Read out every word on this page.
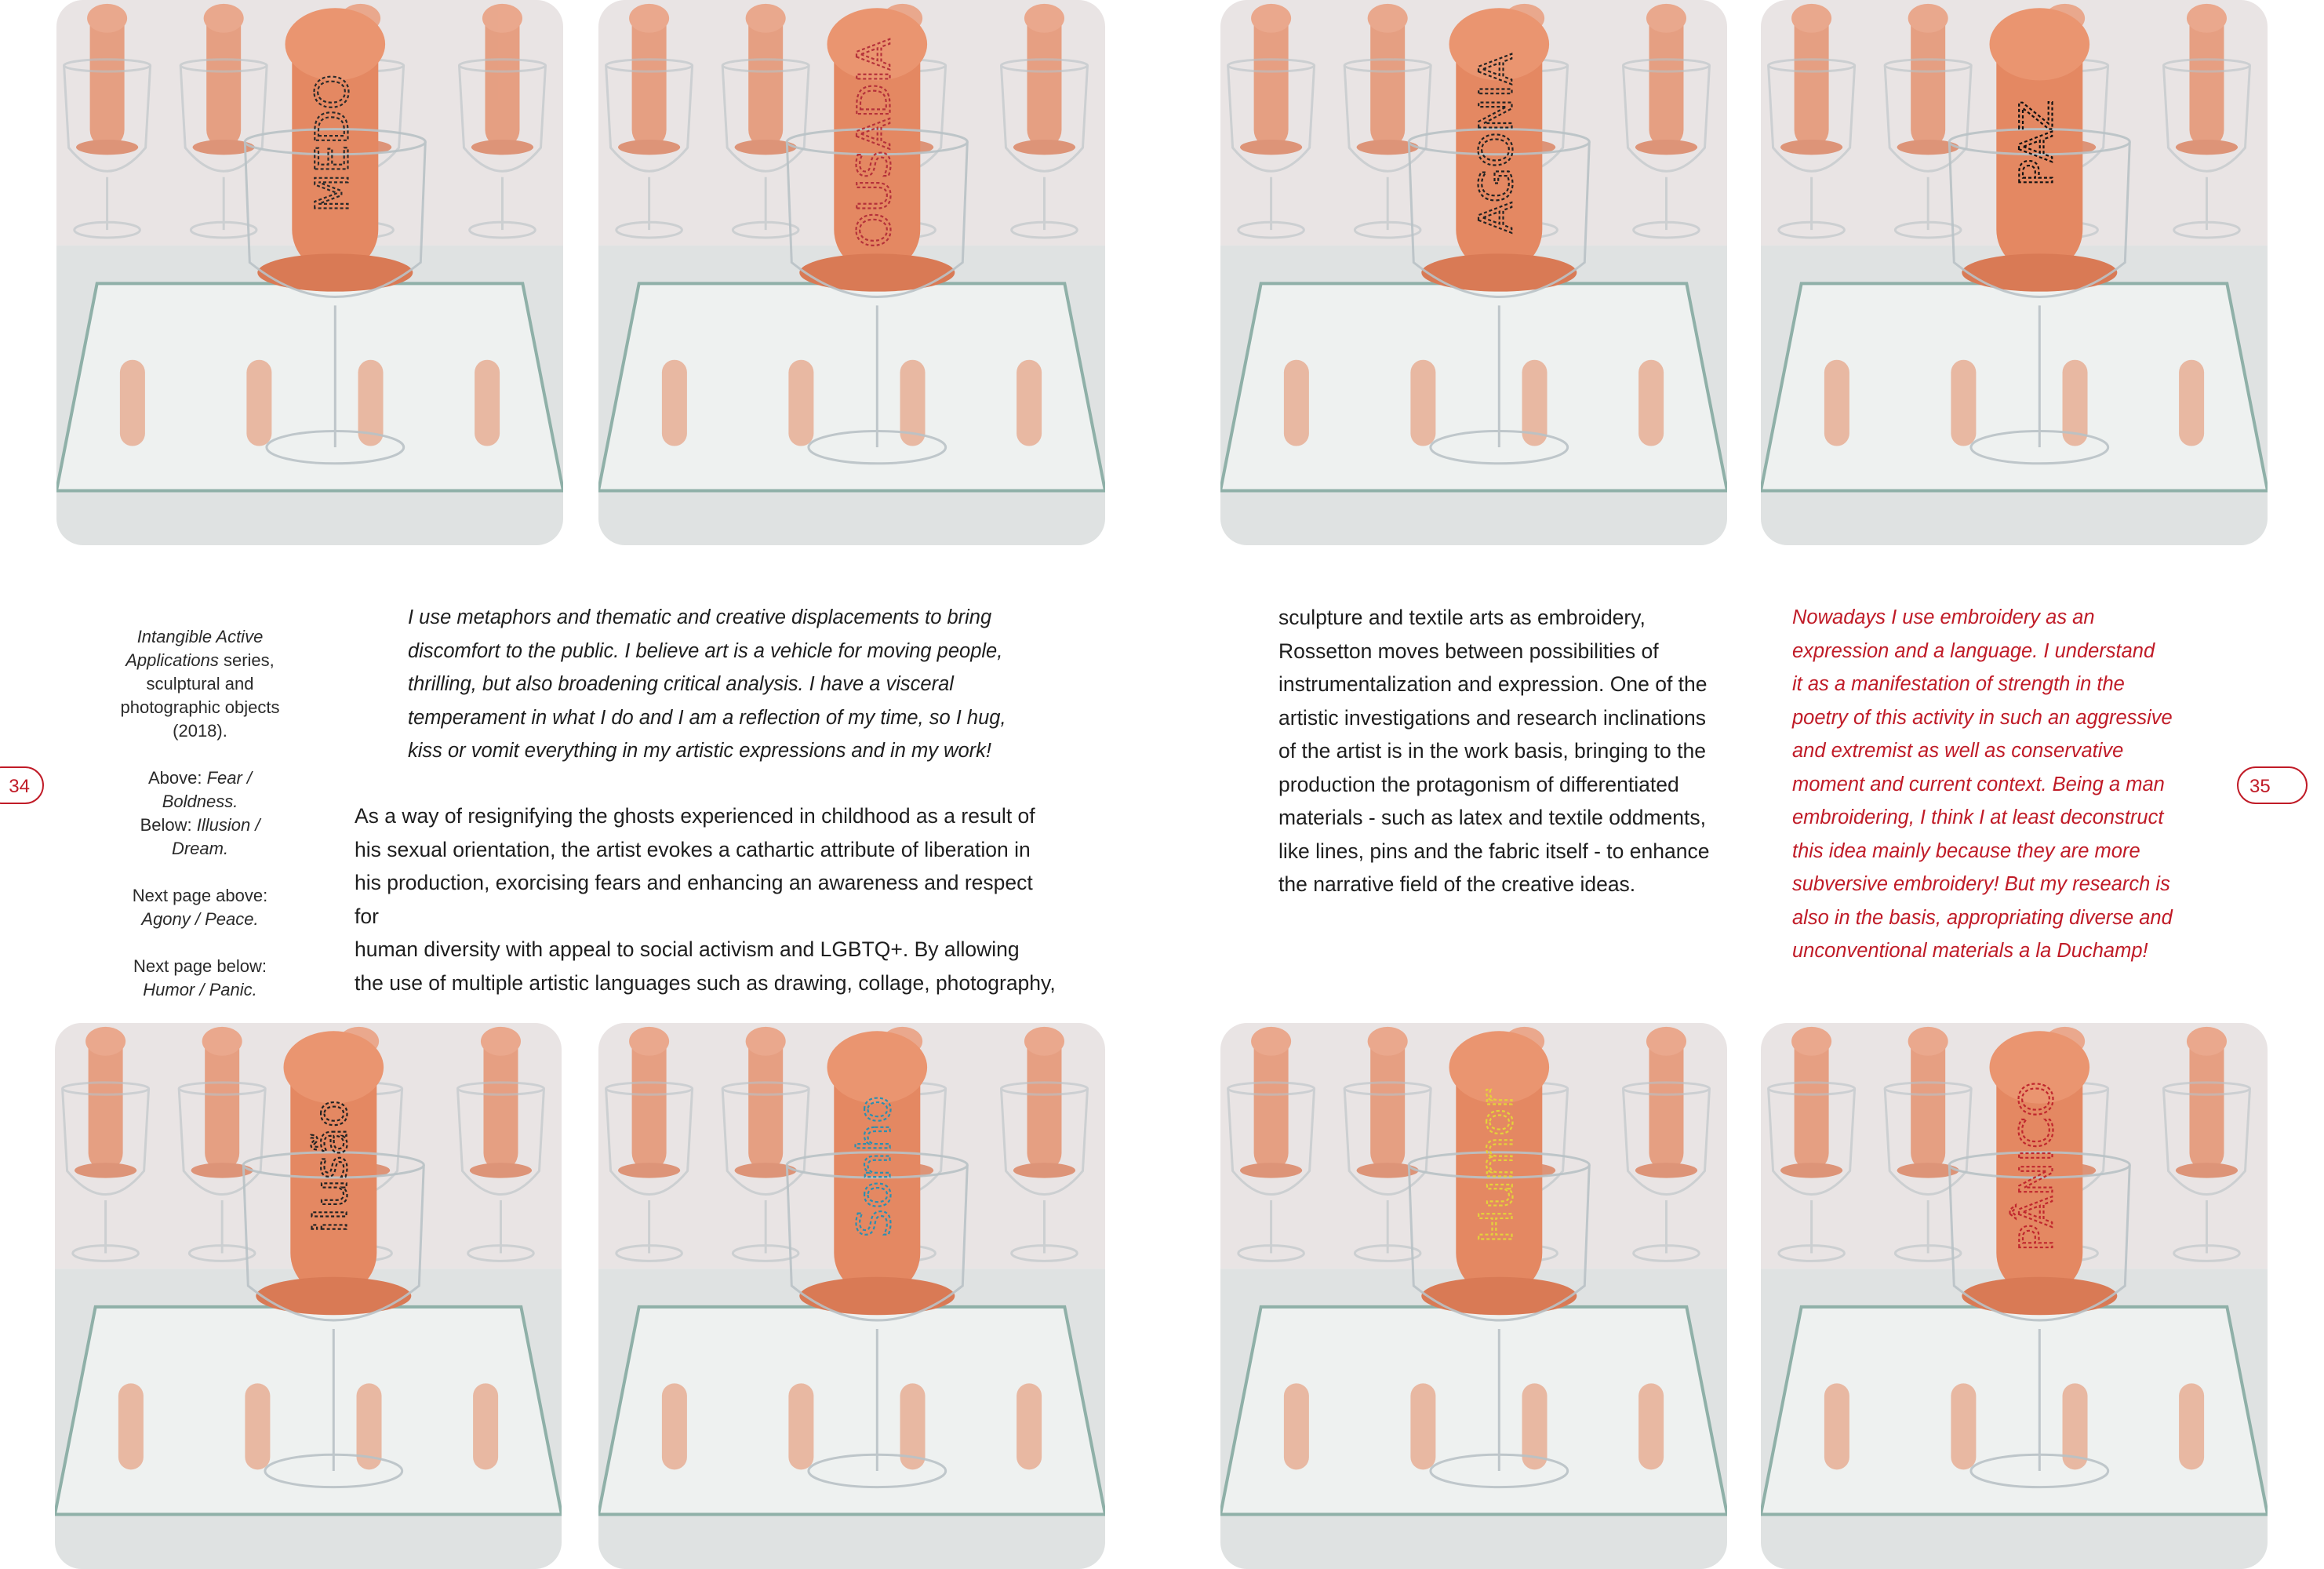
MEDO	OUSADIA	AGONIA	PAZ
ilusão	Sonho	Humor	PÂNICO
34	35

Intangible Active Applications series, sculptural and photographic objects (2018).

Above: Fear / Boldness.
Below: Illusion / Dream.

Next page above:
Agony / Peace.

Next page below:
Humor / Panic.

I use metaphors and thematic and creative displacements to bring
discomfort to the public. I believe art is a vehicle for moving people,
thrilling, but also broadening critical analysis. I have a visceral
temperament in what I do and I am a reflection of my time, so I hug,
kiss or vomit everything in my artistic expressions and in my work!
As a way of resignifying the ghosts experienced in childhood as a result of
his sexual orientation, the artist evokes a cathartic attribute of liberation in
his production, exorcising fears and enhancing an awareness and respect for
human diversity with appeal to social activism and LGBTQ+. By allowing
the use of multiple artistic languages such as drawing, collage, photography,
sculpture and textile arts as embroidery,
Rossetton moves between possibilities of
instrumentalization and expression. One of the
artistic investigations and research inclinations
of the artist is in the work basis, bringing to the
production the protagonism of differentiated
materials - such as latex and textile oddments,
like lines, pins and the fabric itself - to enhance
the narrative field of the creative ideas.
Nowadays I use embroidery as an
expression and a language. I understand
it as a manifestation of strength in the
poetry of this activity in such an aggressive
and extremist as well as conservative
moment and current context. Being a man
embroidering, I think I at least deconstruct
this idea mainly because they are more
subversive embroidery! But my research is
also in the basis, appropriating diverse and
unconventional materials a la Duchamp!
